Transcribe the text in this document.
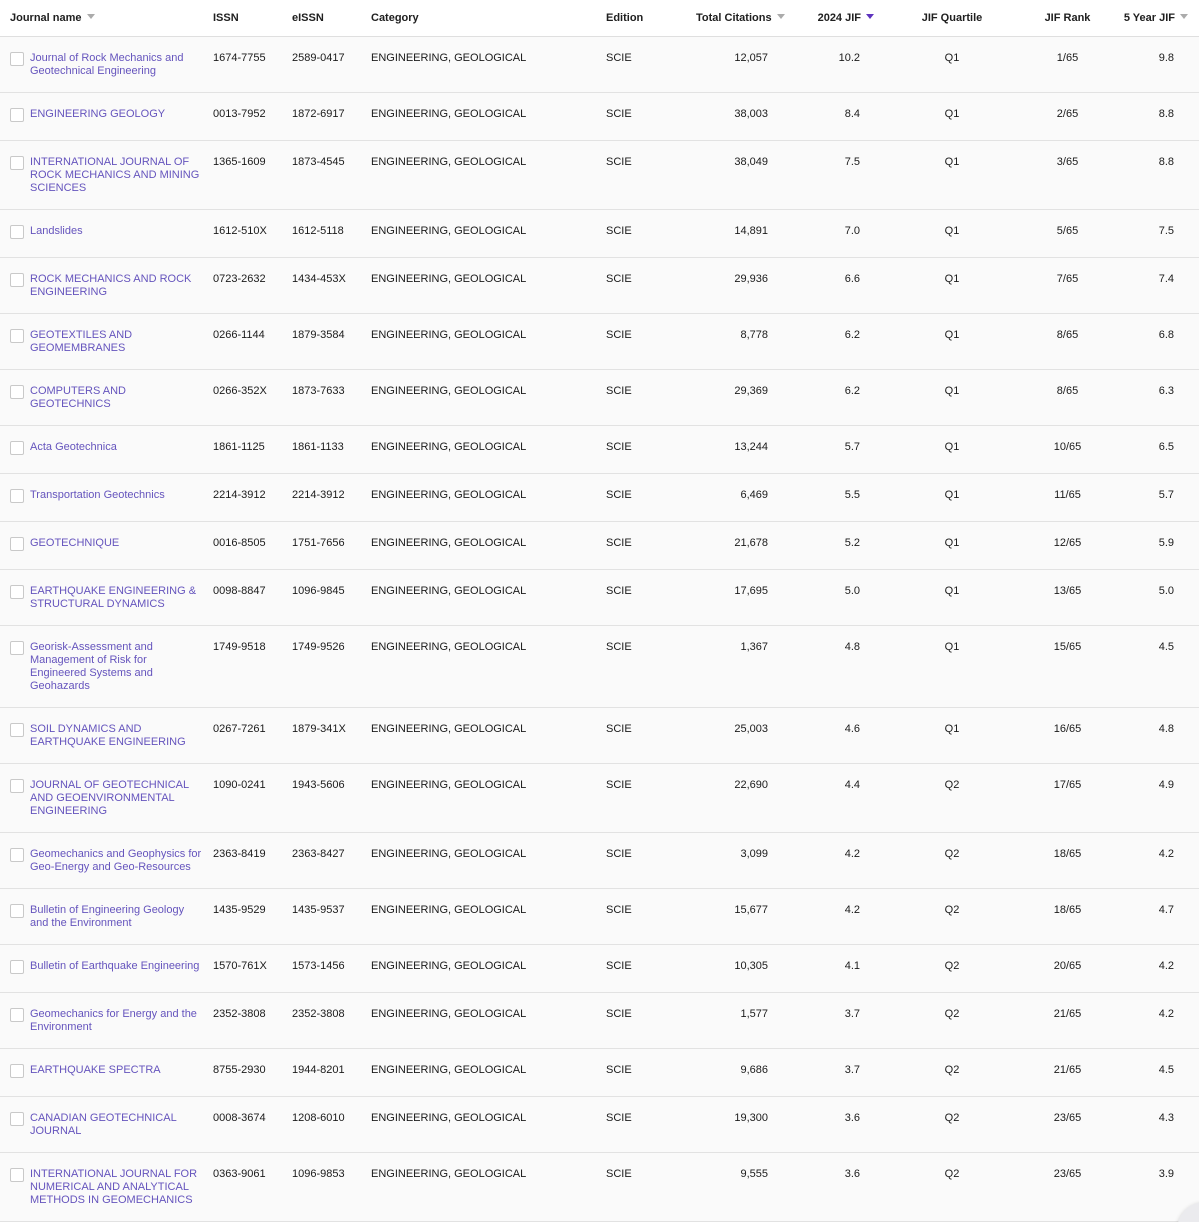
Journal name		ISSN	eISSN	Category	Edition	Total Citations	2024 JIF	JIF Quartile	JIF Rank	5 Year JIF
	Journal of Rock Mechanics and Geotechnical Engineering	1674-7755	2589-0417	ENGINEERING, GEOLOGICAL	SCIE	12,057	10.2	Q1	1/65	9.8
	ENGINEERING GEOLOGY	0013-7952	1872-6917	ENGINEERING, GEOLOGICAL	SCIE	38,003	8.4	Q1	2/65	8.8
	INTERNATIONAL JOURNAL OF ROCK MECHANICS AND MINING SCIENCES	1365-1609	1873-4545	ENGINEERING, GEOLOGICAL	SCIE	38,049	7.5	Q1	3/65	8.8
	Landslides	1612-510X	1612-5118	ENGINEERING, GEOLOGICAL	SCIE	14,891	7.0	Q1	5/65	7.5
	ROCK MECHANICS AND ROCK ENGINEERING	0723-2632	1434-453X	ENGINEERING, GEOLOGICAL	SCIE	29,936	6.6	Q1	7/65	7.4
	GEOTEXTILES AND GEOMEMBRANES	0266-1144	1879-3584	ENGINEERING, GEOLOGICAL	SCIE	8,778	6.2	Q1	8/65	6.8
	COMPUTERS AND GEOTECHNICS	0266-352X	1873-7633	ENGINEERING, GEOLOGICAL	SCIE	29,369	6.2	Q1	8/65	6.3
	Acta Geotechnica	1861-1125	1861-1133	ENGINEERING, GEOLOGICAL	SCIE	13,244	5.7	Q1	10/65	6.5
	Transportation Geotechnics	2214-3912	2214-3912	ENGINEERING, GEOLOGICAL	SCIE	6,469	5.5	Q1	11/65	5.7
	GEOTECHNIQUE	0016-8505	1751-7656	ENGINEERING, GEOLOGICAL	SCIE	21,678	5.2	Q1	12/65	5.9
	EARTHQUAKE ENGINEERING & STRUCTURAL DYNAMICS	0098-8847	1096-9845	ENGINEERING, GEOLOGICAL	SCIE	17,695	5.0	Q1	13/65	5.0
	Georisk-Assessment and Management of Risk for Engineered Systems and Geohazards	1749-9518	1749-9526	ENGINEERING, GEOLOGICAL	SCIE	1,367	4.8	Q1	15/65	4.5
	SOIL DYNAMICS AND EARTHQUAKE ENGINEERING	0267-7261	1879-341X	ENGINEERING, GEOLOGICAL	SCIE	25,003	4.6	Q1	16/65	4.8
	JOURNAL OF GEOTECHNICAL AND GEOENVIRONMENTAL ENGINEERING	1090-0241	1943-5606	ENGINEERING, GEOLOGICAL	SCIE	22,690	4.4	Q2	17/65	4.9
	Geomechanics and Geophysics for Geo-Energy and Geo-Resources	2363-8419	2363-8427	ENGINEERING, GEOLOGICAL	SCIE	3,099	4.2	Q2	18/65	4.2
	Bulletin of Engineering Geology and the Environment	1435-9529	1435-9537	ENGINEERING, GEOLOGICAL	SCIE	15,677	4.2	Q2	18/65	4.7
	Bulletin of Earthquake Engineering	1570-761X	1573-1456	ENGINEERING, GEOLOGICAL	SCIE	10,305	4.1	Q2	20/65	4.2
	Geomechanics for Energy and the Environment	2352-3808	2352-3808	ENGINEERING, GEOLOGICAL	SCIE	1,577	3.7	Q2	21/65	4.2
	EARTHQUAKE SPECTRA	8755-2930	1944-8201	ENGINEERING, GEOLOGICAL	SCIE	9,686	3.7	Q2	21/65	4.5
	CANADIAN GEOTECHNICAL JOURNAL	0008-3674	1208-6010	ENGINEERING, GEOLOGICAL	SCIE	19,300	3.6	Q2	23/65	4.3
	INTERNATIONAL JOURNAL FOR NUMERICAL AND ANALYTICAL METHODS IN GEOMECHANICS	0363-9061	1096-9853	ENGINEERING, GEOLOGICAL	SCIE	9,555	3.6	Q2	23/65	3.9
